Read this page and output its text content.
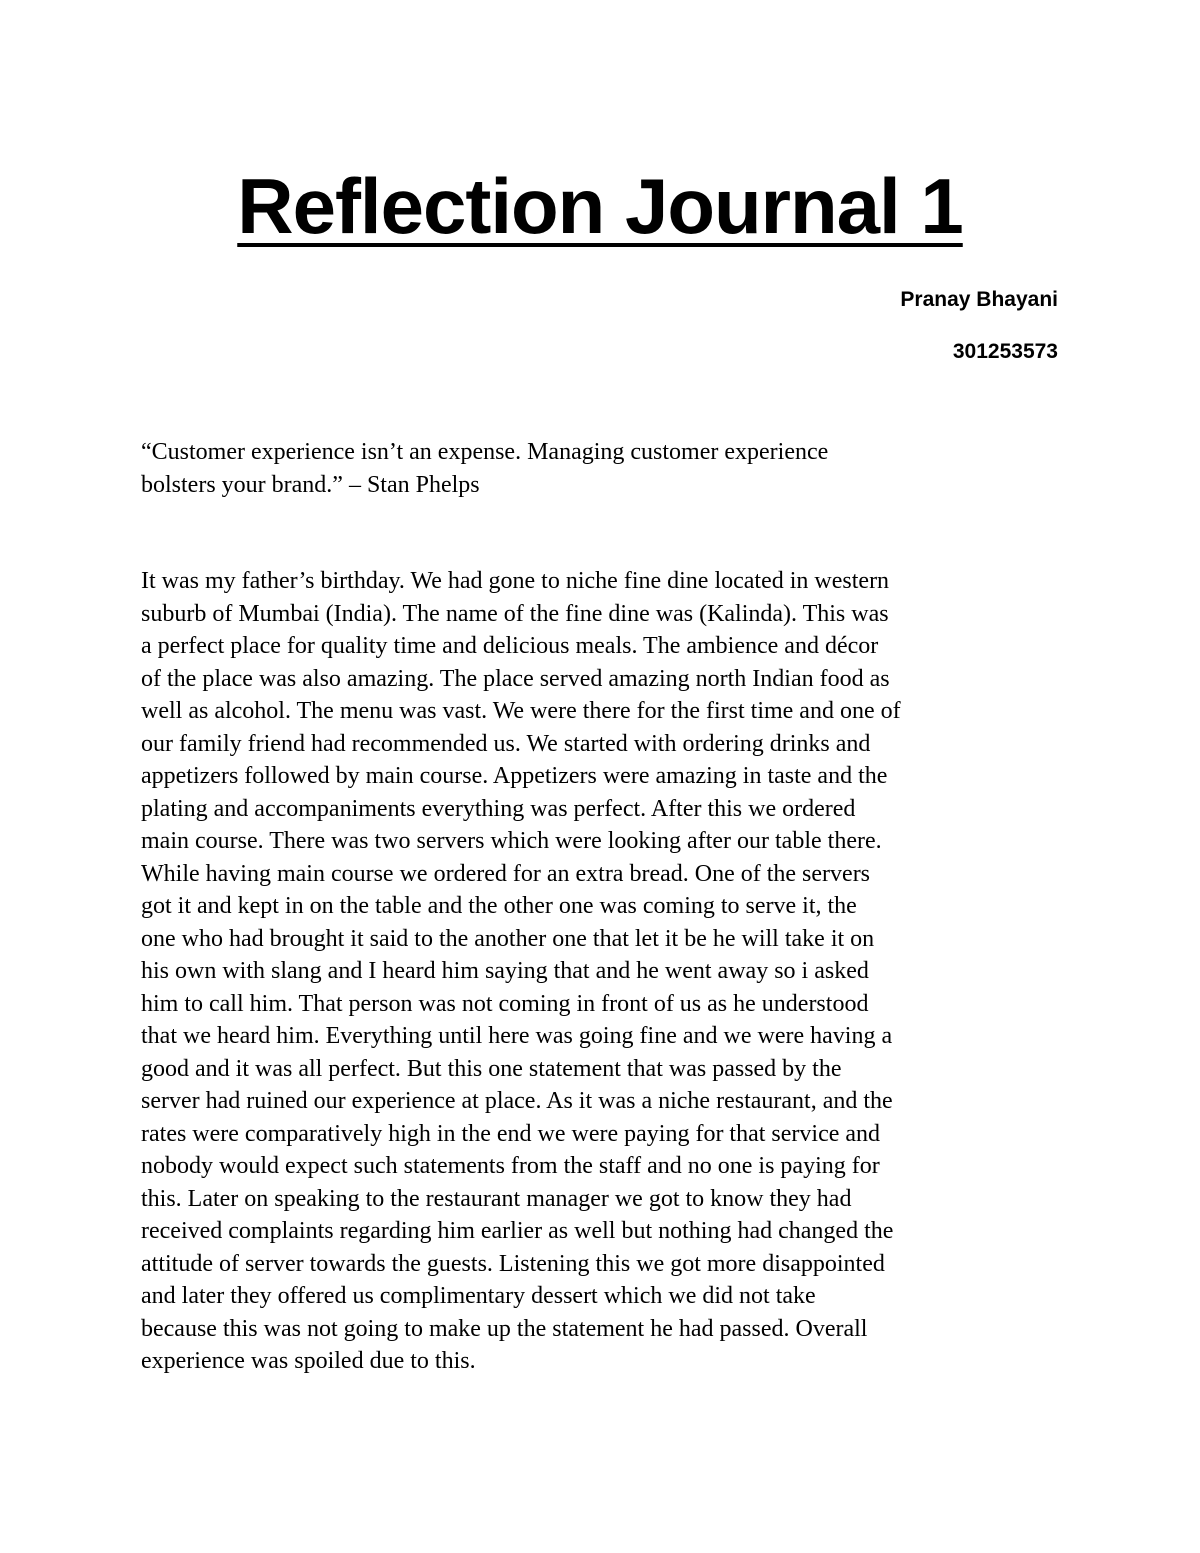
Reflection Journal 1

Pranay Bhayani

301253573

“Customer experience isn’t an expense. Managing customer experience
bolsters your brand.” – Stan Phelps

It was my father’s birthday. We had gone to niche fine dine located in western
suburb of Mumbai (India). The name of the fine dine was (Kalinda). This was
a perfect place for quality time and delicious meals. The ambience and décor
of the place was also amazing. The place served amazing north Indian food as
well as alcohol. The menu was vast. We were there for the first time and one of
our family friend had recommended us. We started with ordering drinks and
appetizers followed by main course. Appetizers were amazing in taste and the
plating and accompaniments everything was perfect. After this we ordered
main course. There was two servers which were looking after our table there.
While having main course we ordered for an extra bread. One of the servers
got it and kept in on the table and the other one was coming to serve it, the
one who had brought it said to the another one that let it be he will take it on
his own with slang and I heard him saying that and he went away so i asked
him to call him. That person was not coming in front of us as he understood
that we heard him. Everything until here was going fine and we were having a
good and it was all perfect. But this one statement that was passed by the
server had ruined our experience at place. As it was a niche restaurant, and the
rates were comparatively high in the end we were paying for that service and
nobody would expect such statements from the staff and no one is paying for
this. Later on speaking to the restaurant manager we got to know they had
received complaints regarding him earlier as well but nothing had changed the
attitude of server towards the guests. Listening this we got more disappointed
and later they offered us complimentary dessert which we did not take
because this was not going to make up the statement he had passed. Overall
experience was spoiled due to this.
